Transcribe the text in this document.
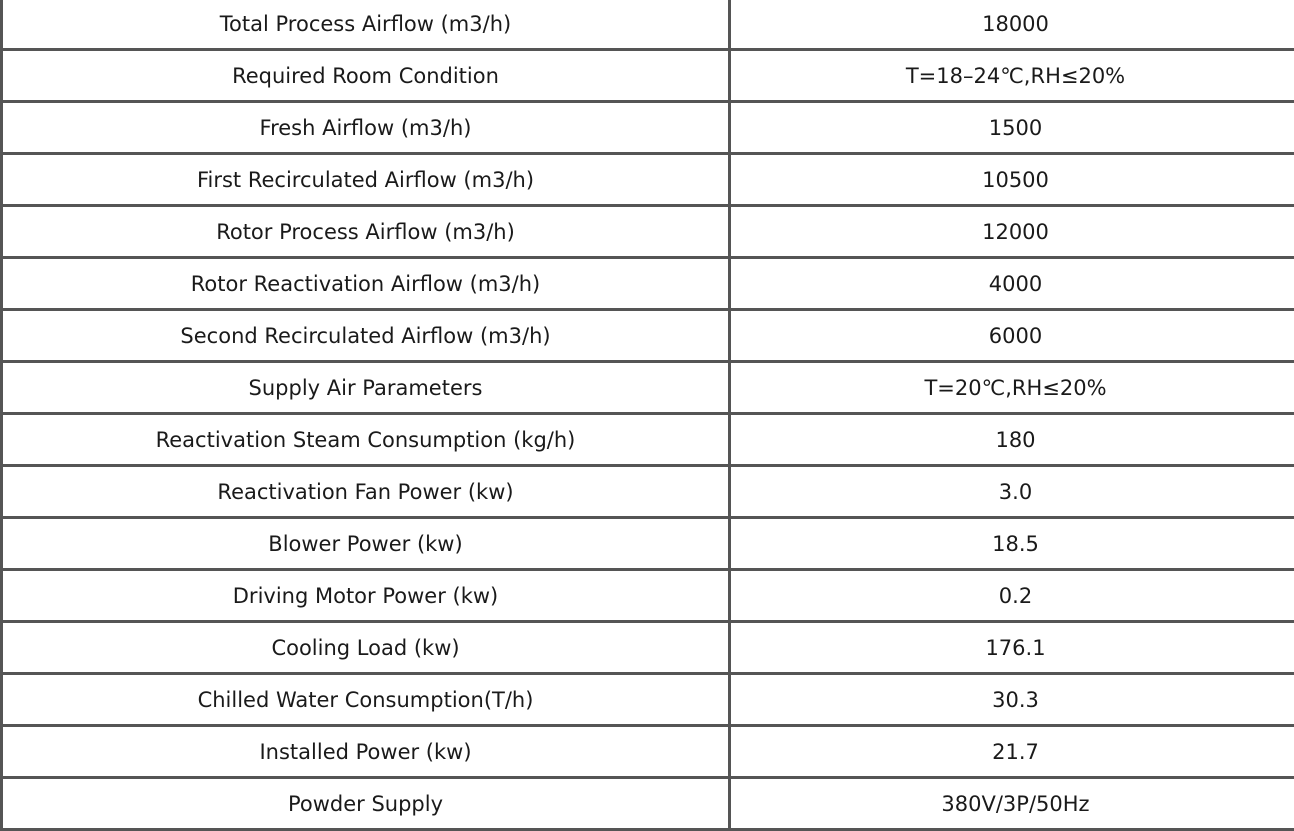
Total Process Airflow (m3/h)	18000
Required Room Condition	T=18–24℃,RH≤20%
Fresh Airflow (m3/h)	1500
First Recirculated Airflow (m3/h)	10500
Rotor Process Airflow (m3/h)	12000
Rotor Reactivation Airflow (m3/h)	4000
Second Recirculated Airflow (m3/h)	6000
Supply Air Parameters	T=20℃,RH≤20%
Reactivation Steam Consumption (kg/h)	180
Reactivation Fan Power (kw)	3.0
Blower Power (kw)	18.5
Driving Motor Power (kw)	0.2
Cooling Load (kw)	176.1
Chilled Water Consumption(T/h)	30.3
Installed Power (kw)	21.7
Powder Supply	380V/3P/50Hz
